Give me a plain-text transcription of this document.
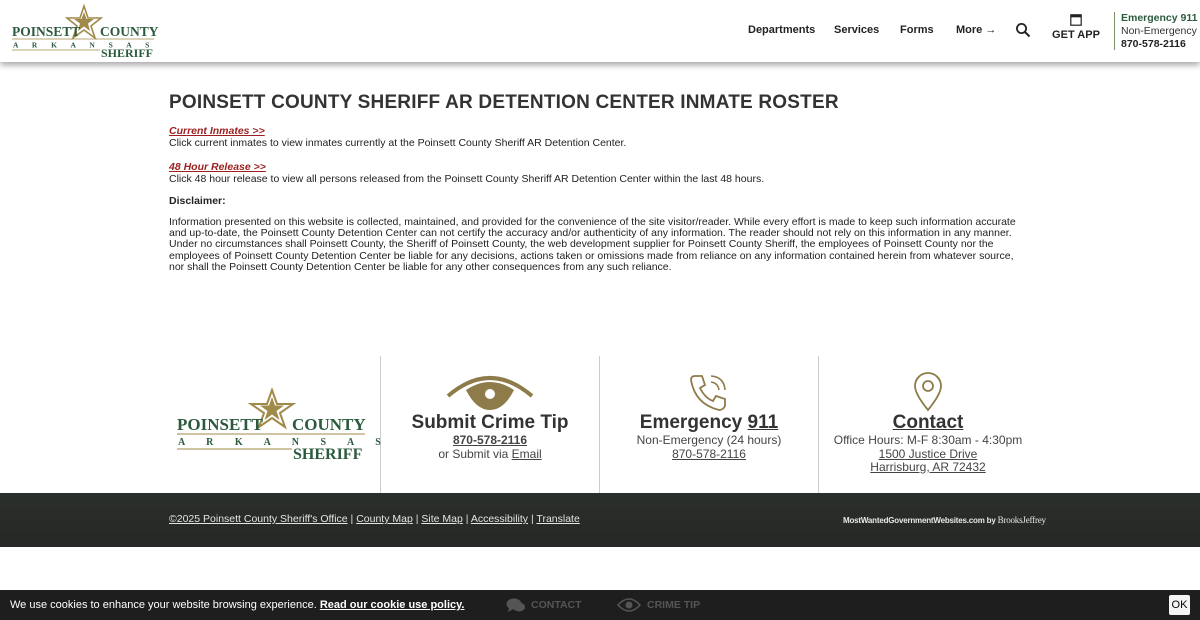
POINSETT COUNTY
A R K A N S A S
SHERIFF
Departments Services Forms More →	GET APP
Emergency 911
Non-Emergency
870-578-2116
POINSETT COUNTY SHERIFF AR DETENTION CENTER INMATE ROSTER
Current Inmates >>
Click current inmates to view inmates currently at the Poinsett County Sheriff AR Detention Center.
48 Hour Release >>
Click 48 hour release to view all persons released from the Poinsett County Sheriff AR Detention Center within the last 48 hours.
Disclaimer:
Information presented on this website is collected, maintained, and provided for the convenience of the site visitor/reader. While every effort is made to keep such information accurate and up-to-date, the Poinsett County Detention Center can not certify the accuracy and/or authenticity of any information. The reader should not rely on this information in any manner. Under no circumstances shall Poinsett County, the Sheriff of Poinsett County, the web development supplier for Poinsett County Sheriff, the employees of Poinsett County nor the employees of Poinsett County Detention Center be liable for any decisions, actions taken or omissions made from reliance on any information contained herein from whatever source, nor shall the Poinsett County Detention Center be liable for any other consequences from any such reliance.
POINSETT COUNTY
A R K A N S A S
SHERIFF
Submit Crime Tip
870-578-2116
or Submit via Email
Emergency 911
Non-Emergency (24 hours)
870-578-2116
Contact
Office Hours: M-F 8:30am - 4:30pm
1500 Justice Drive
Harrisburg, AR 72432
©2025 Poinsett County Sheriff's Office | County Map | Site Map | Accessibility | Translate	MostWantedGovernmentWebsites.com by BrooksJeffrey
We use cookies to enhance your website browsing experience. Read our cookie use policy.	CONTACT	CRIME TIP	OK
